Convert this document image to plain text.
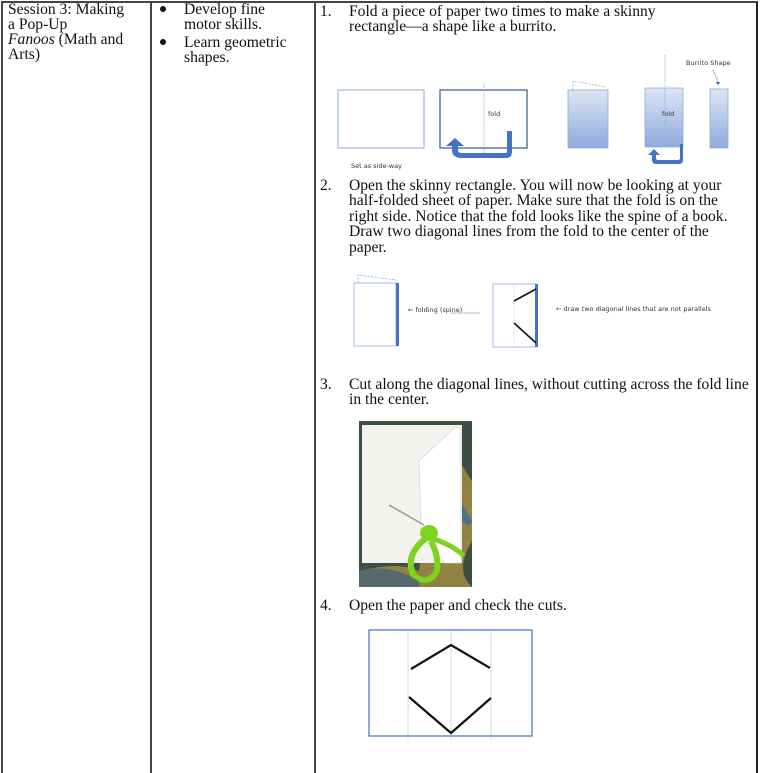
Session 3: Making
a Pop-Up
Fanoos (Math and
Arts)
Develop fine
motor skills.
Learn geometric
shapes.
1. Fold a piece of paper two times to make a skinny rectangle—a shape like a burrito.
Set as side-way
fold	fold
Burrito Shape
2. Open the skinny rectangle. You will now be looking at your half-folded sheet of paper. Make sure that the fold is on the right side. Notice that the fold looks like the spine of a book. Draw two diagonal lines from the fold to the center of the paper.
← folding (spine)	← draw two diagonal lines that are not parallels
3. Cut along the diagonal lines, without cutting across the fold line in the center.
4. Open the paper and check the cuts.
